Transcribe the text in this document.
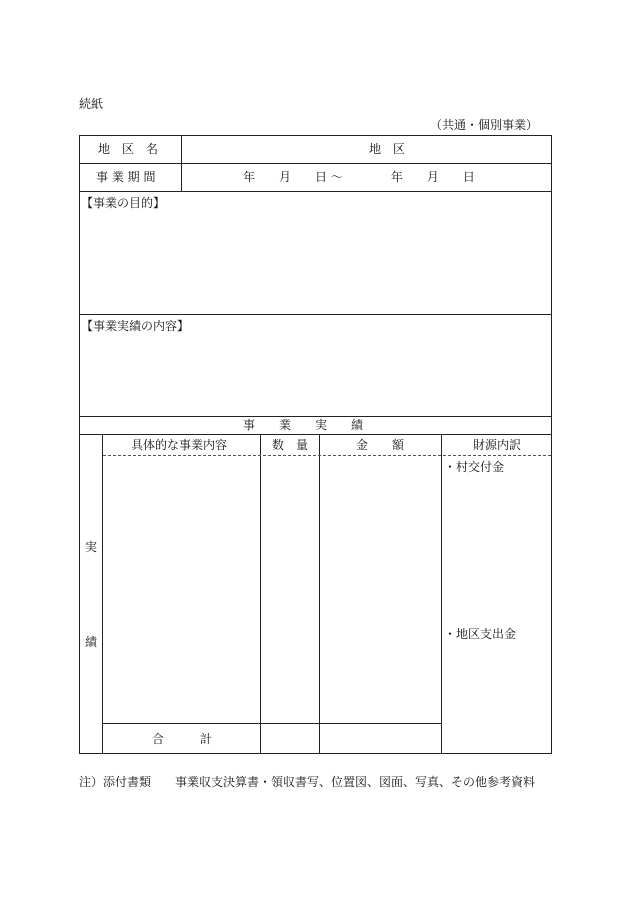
続紙
（共通・個別事業）
地　区　名	地　区
事 業 期 間	年　　月　　日 〜　　　　年　　月　　日
【事業の目的】
【事業実績の内容】
事　　業　　実　　績
具体的な事業内容	数　量	金　　額	財源内訳
実
績
・村交付金
・地区支出金
合　　　計
注）添付書類　　事業収支決算書・領収書写、位置図、図面、写真、その他参考資料
